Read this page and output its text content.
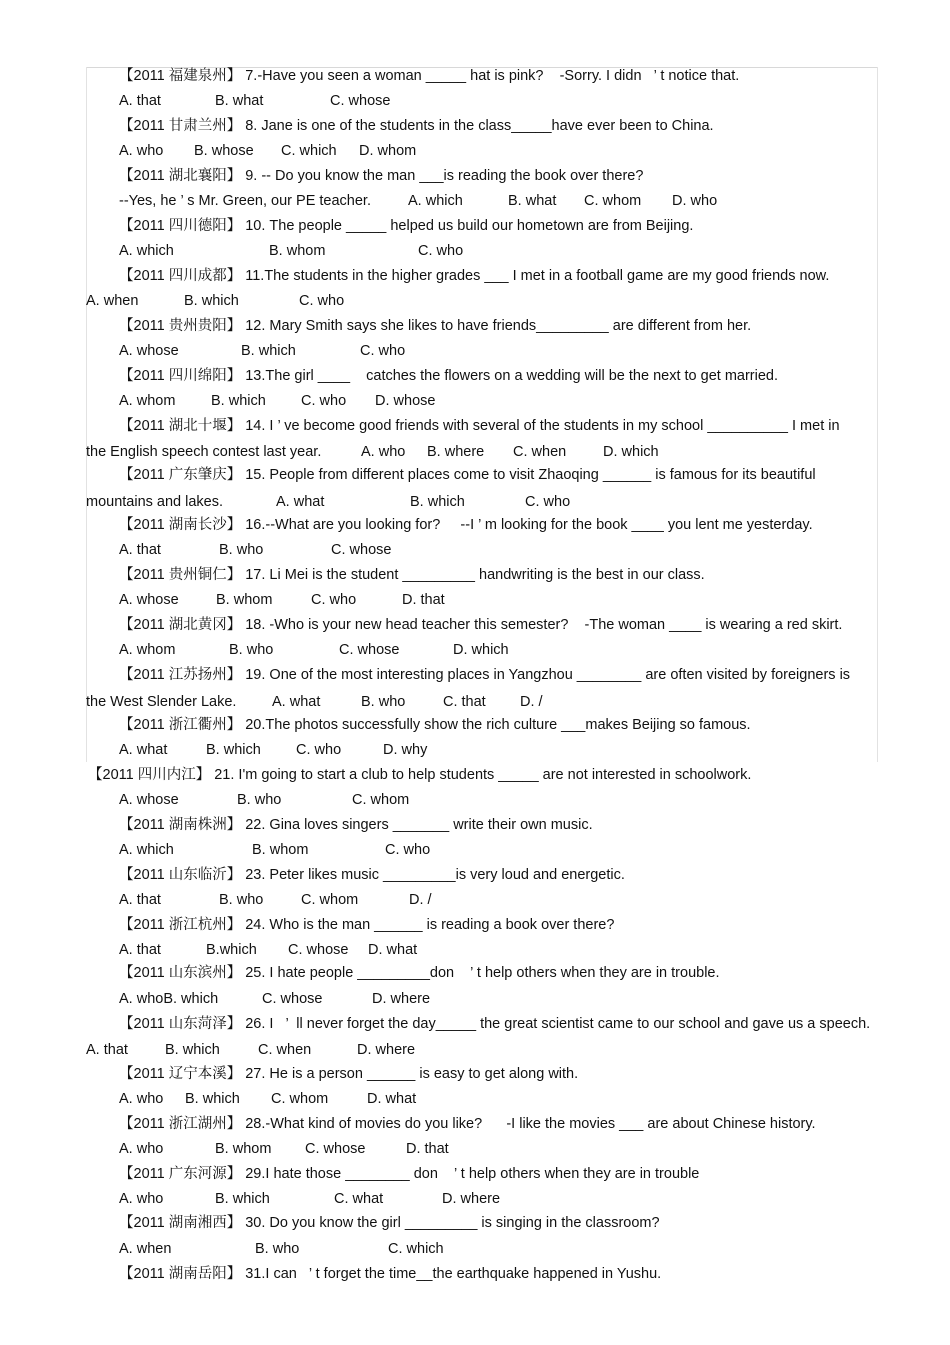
【2011 福建泉州】 7.-Have you seen a woman _____ hat is pink?    -Sorry. I didn   ’ t notice that.
A. that	B. what	C. whose
【2011 甘肃兰州】 8. Jane is one of the students in the class_____have ever been to China.
A. who B. whose C. which D. whom
【2011 湖北襄阳】 9. -- Do you know the man ___is reading the book over there?
--Yes, he ’ s Mr. Green, our PE teacher.	A. which	B. what C. whom D. who
【2011 四川德阳】 10. The people _____ helped us build our hometown are from Beijing.
A. which	B. whom	C. who
【2011 四川成都】 11.The students in the higher grades ___ I met in a football game are my good friends now.
A. when	B. which	C. who
【2011 贵州贵阳】 12. Mary Smith says she likes to have friends_________ are different from her.
A. whose	B. which	C. who
【2011 四川绵阳】 13.The girl ____    catches the flowers on a wedding will be the next to get married.
A. whom B. which C. who D. whose
【2011 湖北十堰】 14. I ’ ve become good friends with several of the students in my school __________ I met in
the English speech contest last year.	A. who B. where C. when	D. which
【2011 广东肇庆】 15. People from different places come to visit Zhaoqing ______ is famous for its beautiful
mountains and lakes.	A. what	B. which	C. who
【2011 湖南长沙】 16.--What are you looking for?     --I ’ m looking for the book ____ you lent me yesterday.
A. that	B. who	C. whose
【2011 贵州铜仁】 17. Li Mei is the student _________ handwriting is the best in our class.
A. whose	B. whom	C. who	D. that
【2011 湖北黄冈】 18. -Who is your new head teacher this semester?    -The woman ____ is wearing a red skirt.
A. whom	B. who	C. whose	D. which
【2011 江苏扬州】 19. One of the most interesting places in Yangzhou ________ are often visited by foreigners is
the West Slender Lake. A. what	B. who	C. that D. /
【2011 浙江衢州】 20.The photos successfully show the rich culture ___makes Beijing so famous.
A. what	B. which C. who	D. why
【2011 四川内江】 21. I'm going to start a club to help students _____ are not interested in schoolwork.
A. whose	B. who	C. whom
【2011 湖南株洲】 22. Gina loves singers _______ write their own music.
A. which	B. whom	C. who
【2011 山东临沂】 23. Peter likes music _________is very loud and energetic.
A. that	B. who	C. whom	D. /
【2011 浙江杭州】 24. Who is the man ______ is reading a book over there?
A. that	B.which C. whose D. what
【2011 山东滨州】 25. I hate people _________don    ’ t help others when they are in trouble.
A. whoB. which	C. whose	D. where
【2011 山东菏泽】 26. I   ’  ll never forget the day_____ the great scientist came to our school and gave us a speech.
A. that	B. which	C. when	D. where
【2011 辽宁本溪】 27. He is a person ______ is easy to get along with.
A. who B. which C. whom	D. what
【2011 浙江湖州】 28.-What kind of movies do you like?      -I like the movies ___ are about Chinese history.
A. who	B. whom C. whose	D. that
【2011 广东河源】 29.I hate those ________ don    ’ t help others when they are in trouble
A. who	B. which	C. what	D. where
【2011 湖南湘西】 30. Do you know the girl _________ is singing in the classroom?
A. when	B. who	C. which
【2011 湖南岳阳】 31.I can   ’ t forget the time__the earthquake happened in Yushu.
